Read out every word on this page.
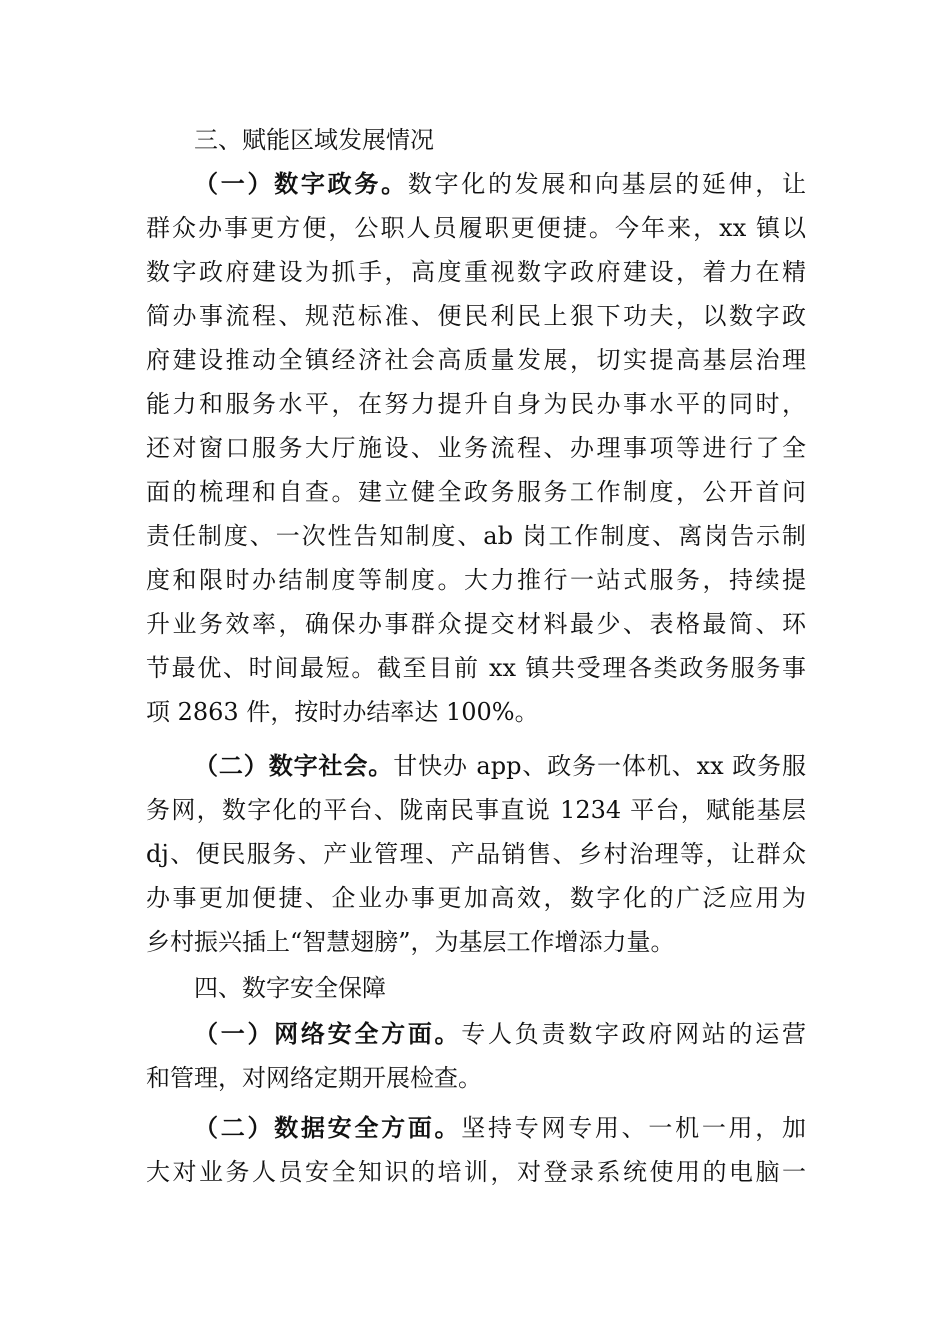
三、赋能区域发展情况
（一）数字政务。数字化的发展和向基层的延伸，让
群众办事更方便，公职人员履职更便捷。今年来，xx 镇以
数字政府建设为抓手，高度重视数字政府建设，着力在精
简办事流程、规范标准、便民利民上狠下功夫，以数字政
府建设推动全镇经济社会高质量发展，切实提高基层治理
能力和服务水平，在努力提升自身为民办事水平的同时，
还对窗口服务大厅施设、业务流程、办理事项等进行了全
面的梳理和自查。建立健全政务服务工作制度，公开首问
责任制度、一次性告知制度、ab 岗工作制度、离岗告示制
度和限时办结制度等制度。大力推行一站式服务，持续提
升业务效率，确保办事群众提交材料最少、表格最简、环
节最优、时间最短。截至目前 xx 镇共受理各类政务服务事
项 2863 件，按时办结率达 100%。
（二）数字社会。甘快办 app、政务一体机、xx 政务服
务网，数字化的平台、陇南民事直说 1234 平台，赋能基层
dj、便民服务、产业管理、产品销售、乡村治理等，让群众
办事更加便捷、企业办事更加高效，数字化的广泛应用为
乡村振兴插上“智慧翅膀”，为基层工作增添力量。
四、数字安全保障
（一）网络安全方面。专人负责数字政府网站的运营
和管理，对网络定期开展检查。
（二）数据安全方面。坚持专网专用、一机一用，加
大对业务人员安全知识的培训，对登录系统使用的电脑一
